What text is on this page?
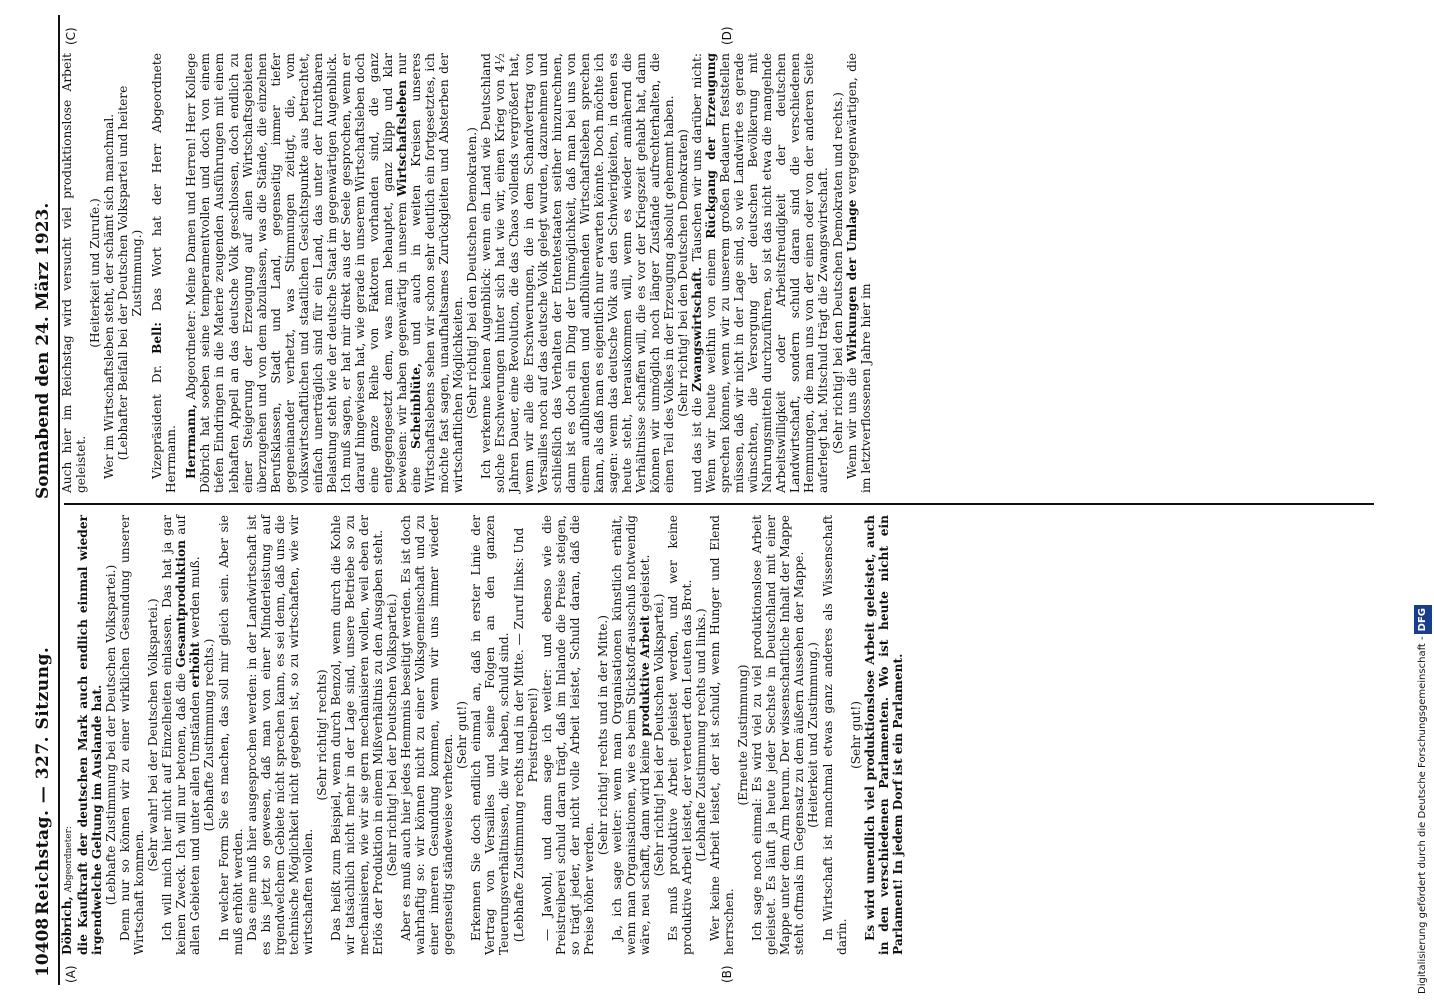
10408
Reichstag. — 327. Sitzung.
Sonnabend den 24. März 1923.
(A)	(B)
(C)	(D)

Döbrich, Abgeordneter: die Kaufkraft der deutschen Mark auch endlich einmal wieder irgendwelche Geltung im Auslande hat. (Lebhafte Zustimmung bei der Deutschen Volkspartei.) Denn nur so können wir zu einer wirklichen Gesundung unserer Wirtschaft kommen.

(Sehr wahr! bei der Deutschen Volkspartei.) Ich will mich hier nicht auf Einzelheiten einlassen. Das hat ja gar keinen Zweck. Ich will nur betonen, daß die Gesamtproduktion auf allen Gebieten und unter allen Umständen erhöht werden muß.

(Lebhafte Zustimmung rechts.) In welcher Form Sie es machen, das soll mir gleich sein. Aber sie muß erhöht werden. Das eine muß hier ausgesprochen werden: in der Landwirtschaft ist es bis jetzt so gewesen, daß man von einer Minderleistung auf irgendwelchem Gebiete nicht sprechen kann, es sei denn, daß uns die technische Möglichkeit nicht gegeben ist, so zu wirtschaften, wie wir wirtschaften wollen.

(Sehr richtig! rechts) Das heißt zum Beispiel, wenn durch Benzol, wenn durch die Kohle wir tatsächlich nicht mehr in der Lage sind, unsere Betriebe so zu mechanisieren, wie wir sie gern mechanisieren wollen, weil eben der Erlös der Produktion in einem Mißverhältnis zu den Ausgaben steht. (Sehr richtig! bei der Deutschen Volkspartei.) Aber es muß auch hier jedes Hemmnis beseitigt werden. Es ist doch wahrhaftig so: wir können nicht zu einer Volksgemeinschaft und zu einer inneren Gesundung kommen, wenn wir uns immer wieder gegenseitig ständeweise verhetzen. (Sehr gut!) Erkennen Sie doch endlich einmal an, daß in erster Linie der Vertrag von Versailles und seine Folgen an den ganzen Teuerungsverhältnissen, die wir haben, schuld sind. (Lebhafte Zustimmung rechts und in der Mitte. — Zuruf links: Und Preistreiberei!) — Jawohl, und dann sage ich weiter: und ebenso wie die Preistreiberei schuld daran trägt, daß im Inlande die Preise steigen, so trägt jeder, der nicht volle Arbeit leistet, Schuld daran, daß die Preise höher werden.

(Sehr richtig! rechts und in der Mitte.) Ja, ich sage weiter: wenn man Organisationen künstlich erhält, wenn man Organisationen, wie es beim Stickstoff-ausschuß notwendig wäre, neu schafft, dann wird keine produktive Arbeit geleistet.

(Sehr richtig! bei der Deutschen Volkspartei.) Es muß produktive Arbeit geleistet werden, und wer keine produktive Arbeit leistet, der verteuert den Leuten das Brot. (Lebhafte Zustimmung rechts und links.) Wer keine Arbeit leistet, der ist schuld, wenn Hunger und Elend herrschen.

(Erneute Zustimmung) Ich sage noch einmal: Es wird viel zu viel produktionslose Arbeit geleistet. Es läuft ja heute jeder Sechste in Deutschland mit einer Mappe unter dem Arm herum. Der wissenschaftliche Inhalt der Mappe steht oftmals im Gegensatz zu dem äußern Aussehen der Mappe. (Heiterkeit und Zustimmung.) In Wirtschaft ist manchmal etwas ganz anderes als Wissenschaft darin.

(Sehr gut!) Es wird unendlich viel produktionslose Arbeit geleistet, auch in den verschiedenen Parlamenten. Wo ist heute nicht ein Parlament! In jedem Dorf ist ein Parlament.

Auch hier im Reichstag wird versucht viel produktionslose Arbeit geleistet.

(Heiterkeit und Zurufe.) Wer im Wirtschaftsleben steht, der schämt sich manchmal. (Lebhafter Beifall bei der Deutschen Volkspartei und heitere Zustimmung.)

Vizepräsident Dr. Bell: Das Wort hat der Herr Abgeordnete Herrmann. Herrmann, Abgeordneter: Meine Damen und Herren! Herr Kollege Döbrich hat soeben seine temperamentvollen und doch von einem tiefen Eindringen in die Materie zeugenden Ausführungen mit einem lebhaften Appell an das deutsche Volk geschlossen, doch endlich zu einer Steigerung der Erzeugung auf allen Wirtschaftsgebieten überzugehen und von dem abzulassen, was die Stände, die einzelnen Berufsklassen, Stadt und Land, gegenseitig immer tiefer gegeneinander verhetzt, was Stimmungen zeitigt, die, vom volkswirtschaftlichen und staatlichen Gesichtspunkte aus betrachtet, einfach unerträglich sind für ein Land, das unter der furchtbaren Belastung steht wie der deutsche Staat im gegenwärtigen Augenblick. Ich muß sagen, er hat mir direkt aus der Seele gesprochen, wenn er darauf hingewiesen hat, wie gerade in unserem Wirtschaftsleben doch eine ganze Reihe von Faktoren vorhanden sind, die ganz entgegengesetzt dem, was man behauptet, ganz klipp und klar beweisen: wir haben gegenwärtig in unserem Wirtschaftsleben nur eine Scheinblüte, und auch in weiten Kreisen unseres Wirtschaftslebens sehen wir schon sehr deutlich ein fortgesetztes, ich möchte fast sagen, unaufhaltsames Zurückgleiten und Absterben der wirtschaftlichen Möglichkeiten. (Sehr richtig! bei den Deutschen Demokraten.) Ich verkenne keinen Augenblick: wenn ein Land wie Deutschland solche Erschwerungen hinter sich hat wie wir, einen Krieg von 4½ Jahren Dauer, eine Revolution, die das Chaos vollends vergrößert hat, wenn wir alle die Erschwerungen, die in dem Schandvertrag von Versailles noch auf das deutsche Volk gelegt wurden, dazunehmen und schließlich das Verhalten der Ententestaaten seither hinzurechnen, dann ist es doch ein Ding der Unmöglichkeit, daß man bei uns von einem aufblühenden und aufblühenden Wirtschaftsleben sprechen kann, als daß man es eigentlich nur erwarten könnte. Doch möchte ich sagen: wenn das deutsche Volk aus den Schwierigkeiten, in denen es heute steht, herauskommen will, wenn es wieder annähernd die Verhältnisse schaffen will, die es vor der Kriegszeit gehabt hat, dann können wir unmöglich noch länger Zustände aufrechterhalten, die einen Teil des Volkes in der Erzeugung absolut gehemmt haben. (Sehr richtig! bei den Deutschen Demokraten)

und das ist die Zwangswirtschaft. Täuschen wir uns darüber nicht: Wenn wir heute weithin von einem Rückgang der Erzeugung sprechen können, wenn wir zu unserem großen Bedauern feststellen müssen, daß wir nicht in der Lage sind, so wie Landwirte es gerade wünschten, die Versorgung der deutschen Bevölkerung mit Nahrungsmitteln durchzuführen, so ist das nicht etwa die mangelnde Arbeitswilligkeit oder Arbeitsfreudigkeit der deutschen Landwirtschaft, sondern schuld daran sind die verschiedenen Hemmungen, die man uns von der einen oder von der anderen Seite auferlegt hat. Mitschuld trägt die Zwangswirtschaft. (Sehr richtig! bei den Deutschen Demokraten und rechts.) Wenn wir uns die Wirkungen der Umlage vergegenwärtigen, die im letztverflossenen Jahre hier im

Digitalisierung gefördert durch die Deutsche Forschungsgemeinschaft -DFG
